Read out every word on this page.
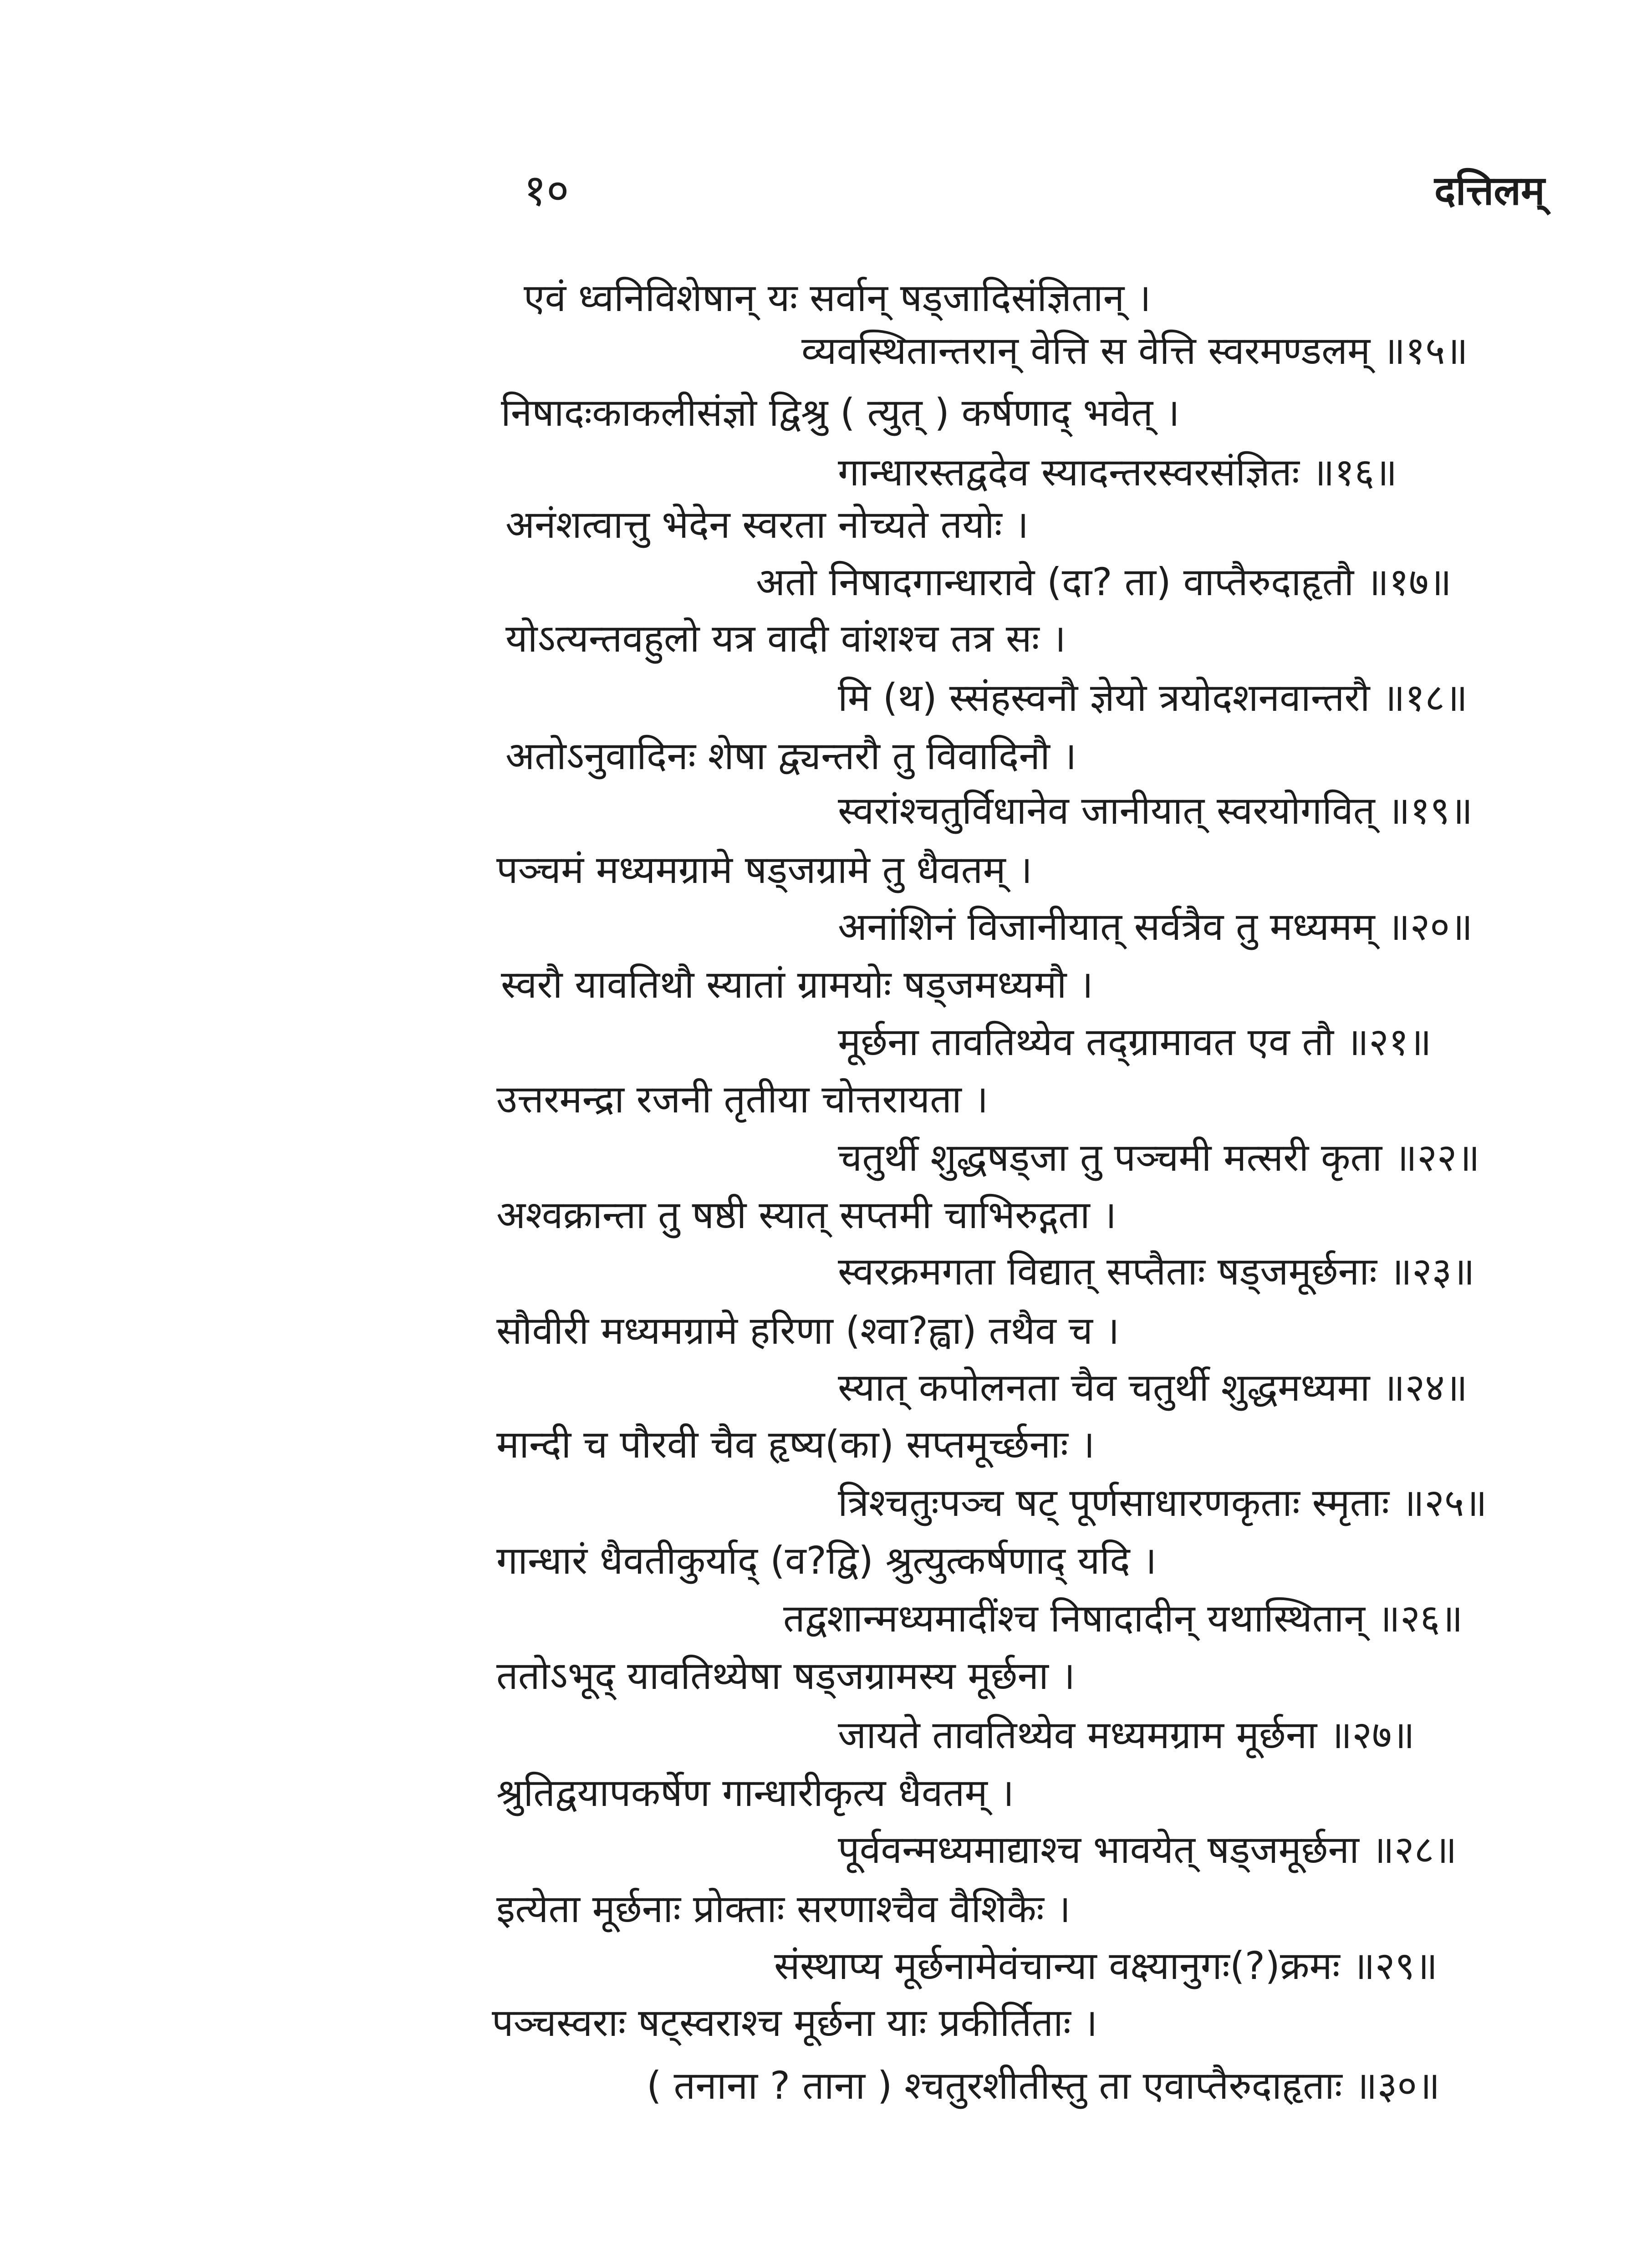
१०	दत्तिलम्
एवं ध्वनिविशेषान् यः सर्वान् षड्जादिसंज्ञितान् ।
व्यवस्थितान्तरान् वेत्ति स वेत्ति स्वरमण्डलम् ॥१५॥
निषादःकाकलीसंज्ञो द्विश्रु ( त्युत् ) कर्षणाद् भवेत् ।
गान्धारस्तद्वदेव स्यादन्तरस्वरसंज्ञितः ॥१६॥
अनंशत्वात्तु भेदेन स्वरता नोच्यते तयोः ।
अतो निषादगान्धारावे (दा? ता) वाप्तैरुदाहृतौ ॥१७॥
योऽत्यन्तवहुलो यत्र वादी वांशश्च तत्र सः ।
मि (थ) स्संहस्वनौ ज्ञेयो त्रयोदशनवान्तरौ ॥१८॥
अतोऽनुवादिनः शेषा द्व्यन्तरौ तु विवादिनौ ।
स्वरांश्चतुर्विधानेव जानीयात् स्वरयोगवित् ॥१९॥
पञ्चमं मध्यमग्रामे षड्जग्रामे तु धैवतम् ।
अनांशिनं विजानीयात् सर्वत्रैव तु मध्यमम् ॥२०॥
स्वरौ यावतिथौ स्यातां ग्रामयोः षड्जमध्यमौ ।
मूर्छना तावतिथ्येव तद्ग्रामावत एव तौ ॥२१॥
उत्तरमन्द्रा रजनी तृतीया चोत्तरायता ।
चतुर्थी शुद्धषड्जा तु पञ्चमी मत्सरी कृता ॥२२॥
अश्वक्रान्ता तु षष्ठी स्यात् सप्तमी चाभिरुद्गता ।
स्वरक्रमगता विद्यात् सप्तैताः षड्जमूर्छनाः ॥२३॥
सौवीरी मध्यमग्रामे हरिणा (श्वा?ह्वा) तथैव च ।
स्यात् कपोलनता चैव चतुर्थी शुद्धमध्यमा ॥२४॥
मान्दी च पौरवी चैव हृष्य(का) सप्तमूर्च्छनाः ।
त्रिश्चतुःपञ्च षट् पूर्णसाधारणकृताः स्मृताः ॥२५॥
गान्धारं धैवतीकुर्याद् (व?द्वि) श्रुत्युत्कर्षणाद् यदि ।
तद्वशान्मध्यमादींश्च निषादादीन् यथास्थितान् ॥२६॥
ततोऽभूद् यावतिथ्येषा षड्जग्रामस्य मूर्छना ।
जायते तावतिथ्येव मध्यमग्राम मूर्छना ॥२७॥
श्रुतिद्वयापकर्षेण गान्धारीकृत्य धैवतम् ।
पूर्ववन्मध्यमाद्याश्च भावयेत् षड्जमूर्छना ॥२८॥
इत्येता मूर्छनाः प्रोक्ताः सरणाश्चैव वैशिकैः ।
संस्थाप्य मूर्छनामेवंचान्या वक्ष्यानुगः(?)क्रमः ॥२९॥
पञ्चस्वराः षट्स्वराश्च मूर्छना याः प्रकीर्तिताः ।
( तनाना ? ताना ) श्चतुरशीतीस्तु ता एवाप्तैरुदाहृताः ॥३०॥
